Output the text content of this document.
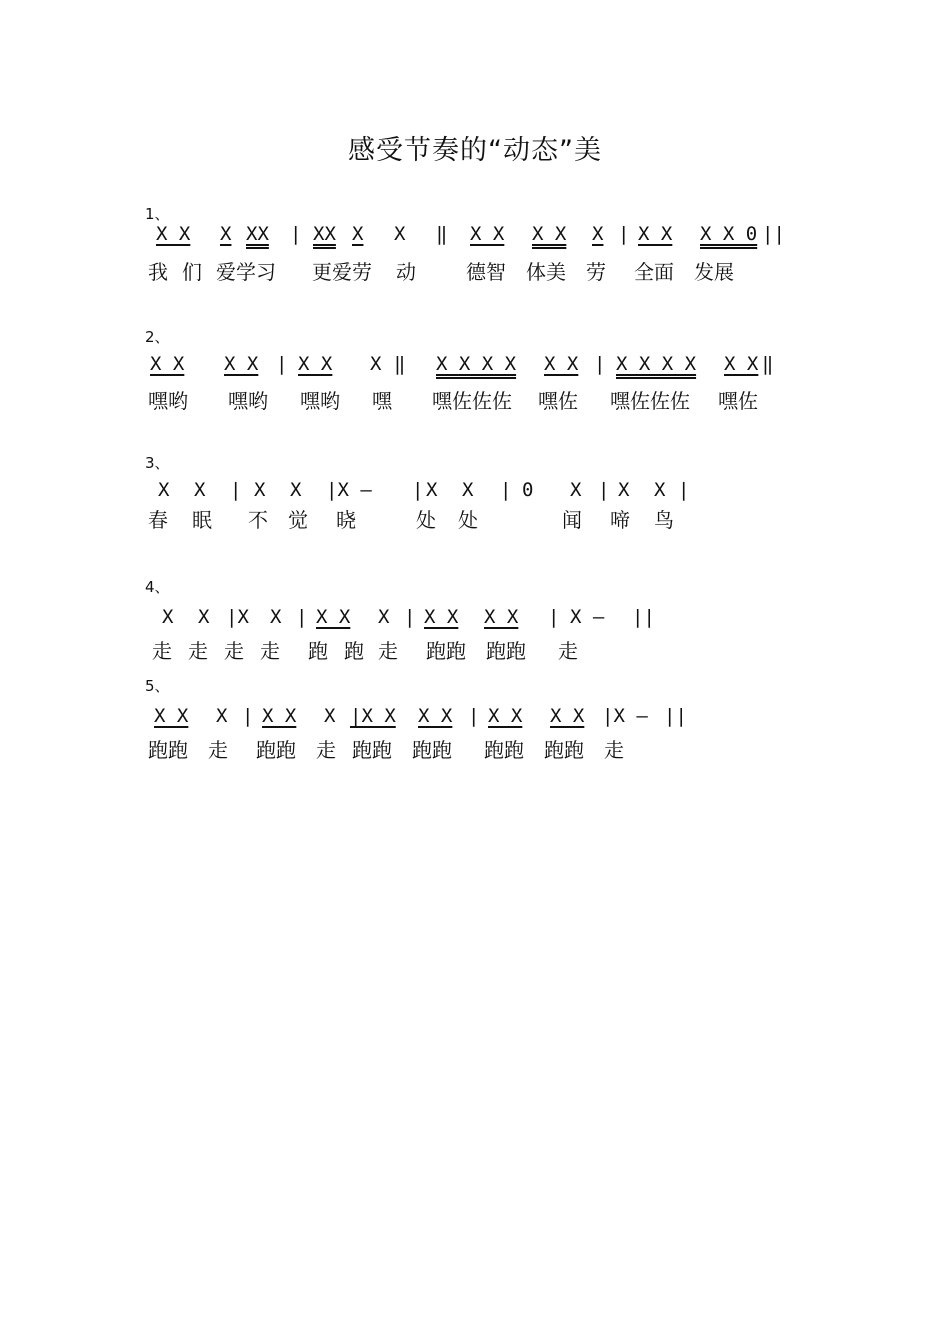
感受节奏的“动态”美
1、
X X X XX | XX X X ‖ X X X X X | X X X X 0 ||
我 们 爱学习 更爱劳 动	德智 体美 劳 全面 发展
2、
X X X X | X X X ‖ X X X X X X | X X X X X X ‖
嘿哟 嘿哟 嘿哟 嘿 嘿佐佐佐 嘿佐 嘿佐佐佐 嘿佐
3、
X X | X X |X — | X X | 0 X | X X |
春 眠 不 觉 晓	处 处	闻 啼 鸟
4、
X X |X X | X X X | X X X X | X — ||
走 走 走 走 跑 跑 走 跑跑 跑跑 走
5、
X X X | X X X |X X X X | X X X X |X — ||
跑跑 走 跑跑 走 跑跑 跑跑 跑跑 跑跑 走
